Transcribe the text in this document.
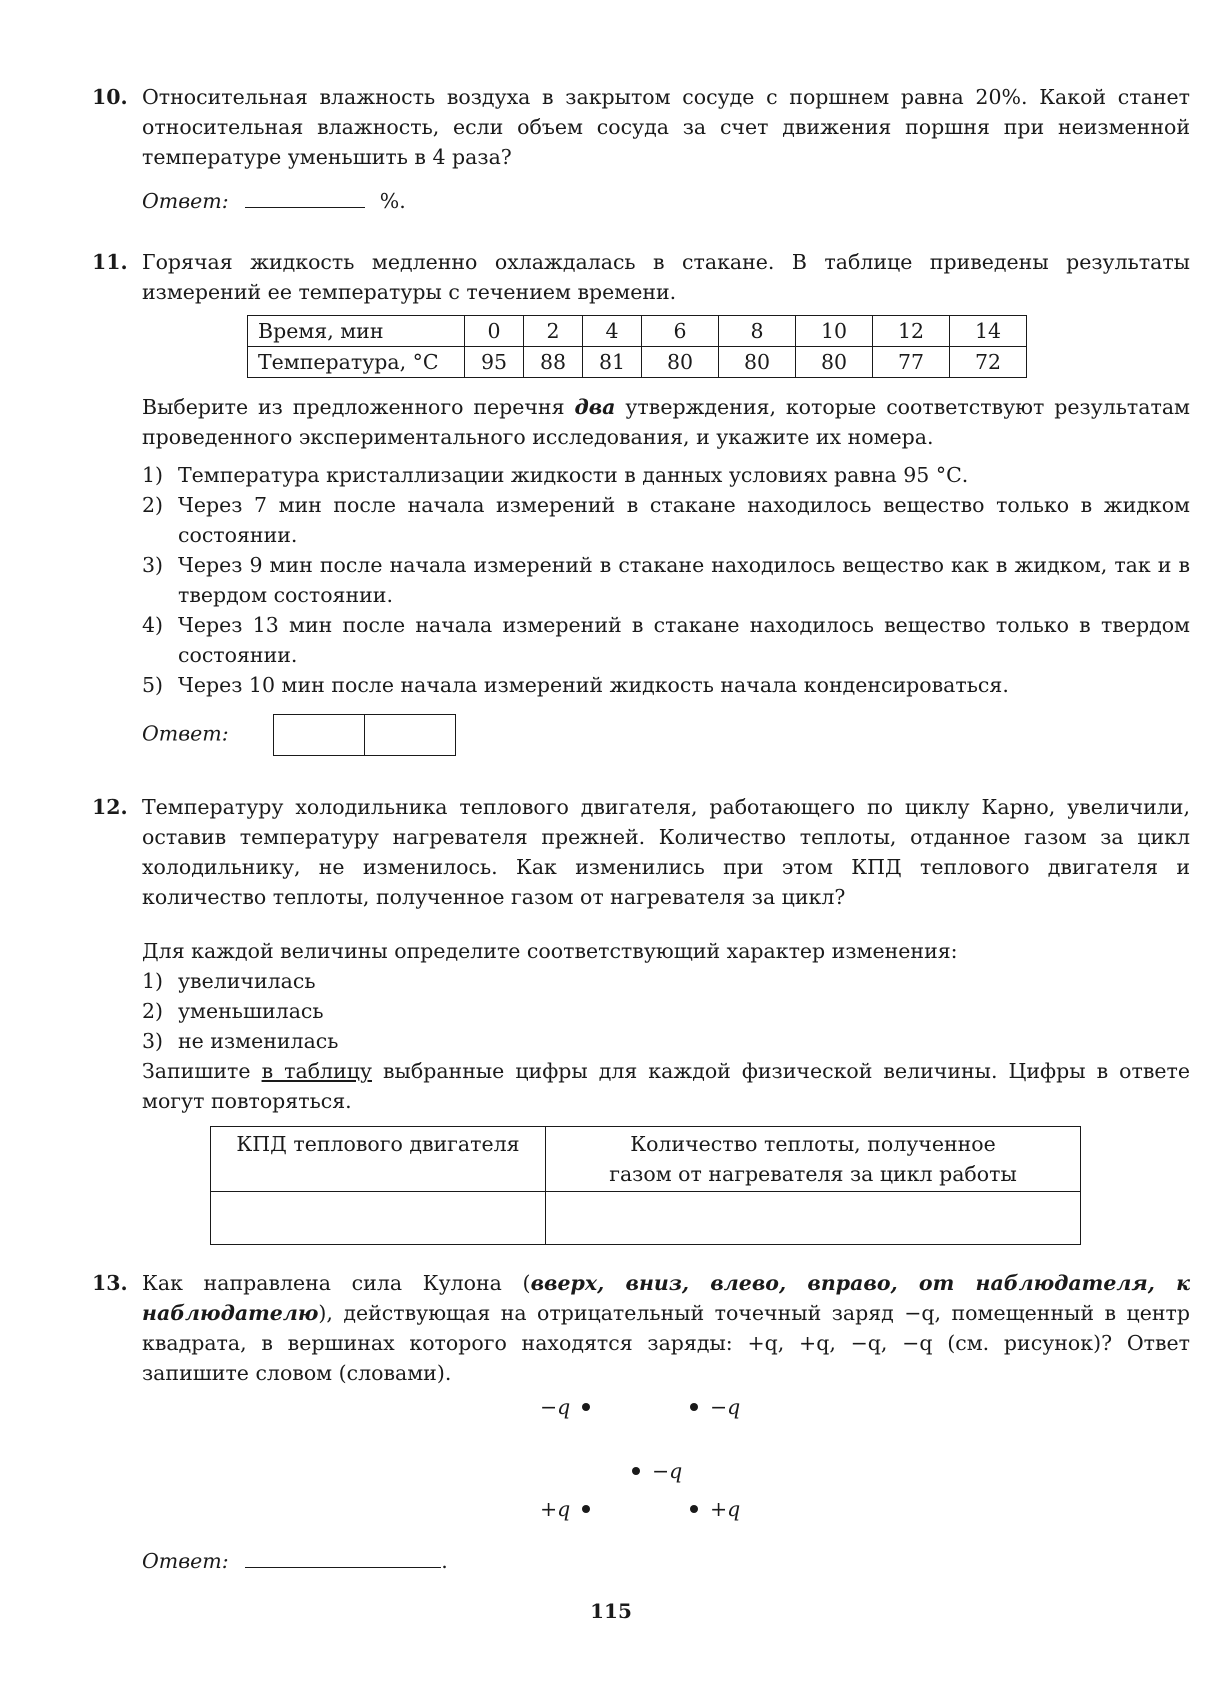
10. Относительная влажность воздуха в закрытом сосуде с поршнем равна 20%. Какой станет относительная влажность, если объем сосуда за счет движения поршня при неизменной температуре уменьшить в 4 раза?

Ответ:	%.

11. Горячая жидкость медленно охлаждалась в стакане. В таблице приведены результаты измерений ее температуры с течением времени.

Время, мин	0	2	4	6	8	10	12	14
Температура, °С	95	88	81	80	80	80	77	72

Выберите из предложенного перечня два утверждения, которые соответствуют результатам проведенного экспериментального исследования, и укажите их номера.

1) Температура кристаллизации жидкости в данных условиях равна 95 °С.
2) Через 7 мин после начала измерений в стакане находилось вещество только в жидком состоянии.
3) Через 9 мин после начала измерений в стакане находилось вещество как в жидком, так и в твердом состоянии.
4) Через 13 мин после начала измерений в стакане находилось вещество только в твердом состоянии.
5) Через 10 мин после начала измерений жидкость начала конденсироваться.

Ответ:

12. Температуру холодильника теплового двигателя, работающего по циклу Карно, увеличили, оставив температуру нагревателя прежней. Количество теплоты, отданное газом за цикл холодильнику, не изменилось. Как изменились при этом КПД теплового двигателя и количество теплоты, полученное газом от нагревателя за цикл?

Для каждой величины определите соответствующий характер изменения:

1) увеличилась
2) уменьшилась
3) не изменилась

Запишите в таблицу выбранные цифры для каждой физической величины. Цифры в ответе могут повторяться.

КПД теплового двигателя	Количество теплоты, полученное
газом от нагревателя за цикл работы

13. Как направлена сила Кулона (вверх, вниз, влево, вправо, от наблюдателя, к наблюдателю), действующая на отрицательный точечный заряд −q, помещенный в центр квадрата, в вершинах которого находятся заряды: +q, +q, −q, −q (см. рисунок)? Ответ запишите словом (словами).

−q	−q
−q
+q	+q
Ответ:	.
115
